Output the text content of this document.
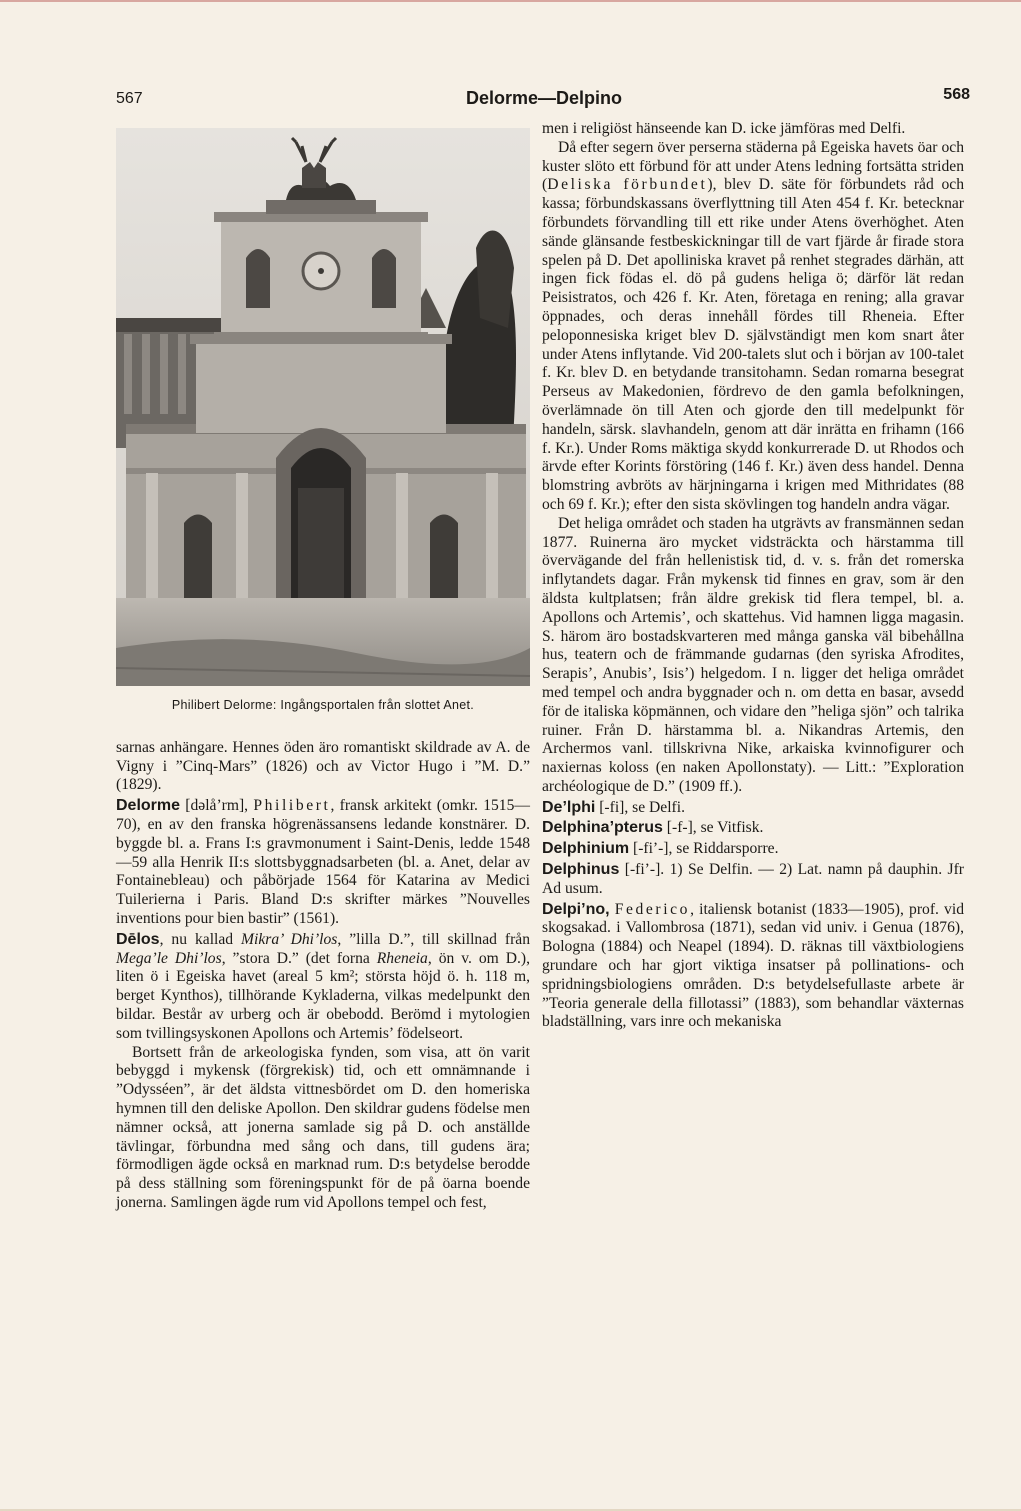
567	Delorme—Delpino	568
Philibert Delorme: Ingångsportalen från slottet Anet.

sarnas anhängare. Hennes öden äro romantiskt skildrade av A. de Vigny i ”Cinq-Mars” (1826) och av Victor Hugo i ”M. D.” (1829).

Delorme [dəlå’rm], Philibert, fransk arkitekt (omkr. 1515—70), en av den franska högrenässansens ledande konstnärer. D. byggde bl. a. Frans I:s gravmonument i Saint-Denis, ledde 1548—59 alla Henrik II:s slottsbyggnadsarbeten (bl. a. Anet, delar av Fontainebleau) och påbörjade 1564 för Katarina av Medici Tuilerierna i Paris. Bland D:s skrifter märkes ”Nouvelles inventions pour bien bastir” (1561).

Dēlos, nu kallad Mikra’ Dhi’los, ”lilla D.”, till skillnad från Mega’le Dhi’los, ”stora D.” (det forna Rheneia, ön v. om D.), liten ö i Egeiska havet (areal 5 km²; största höjd ö. h. 118 m, berget Kynthos), tillhörande Kykladerna, vilkas medelpunkt den bildar. Består av urberg och är obebodd. Berömd i mytologien som tvillingsyskonen Apollons och Artemis’ födelseort.

Bortsett från de arkeologiska fynden, som visa, att ön varit bebyggd i mykensk (förgrekisk) tid, och ett omnämnande i ”Odysséen”, är det äldsta vittnesbördet om D. den homeriska hymnen till den deliske Apollon. Den skildrar gudens födelse men nämner också, att jonerna samlade sig på D. och anställde tävlingar, förbundna med sång och dans, till gudens ära; förmodligen ägde också en marknad rum. D:s betydelse berodde på dess ställning som föreningspunkt för de på öarna boende jonerna. Samlingen ägde rum vid Apollons tempel och fest,

men i religiöst hänseende kan D. icke jämföras med Delfi.

Då efter segern över perserna städerna på Egeiska havets öar och kuster slöto ett förbund för att under Atens ledning fortsätta striden (Deliska förbundet), blev D. säte för förbundets råd och kassa; förbundskassans överflyttning till Aten 454 f. Kr. betecknar förbundets förvandling till ett rike under Atens överhöghet. Aten sände glänsande festbeskickningar till de vart fjärde år firade stora spelen på D. Det apolliniska kravet på renhet stegrades därhän, att ingen fick födas el. dö på gudens heliga ö; därför lät redan Peisistratos, och 426 f. Kr. Aten, företaga en rening; alla gravar öppnades, och deras innehåll fördes till Rheneia. Efter peloponnesiska kriget blev D. självständigt men kom snart åter under Atens inflytande. Vid 200-talets slut och i början av 100-talet f. Kr. blev D. en betydande transitohamn. Sedan romarna besegrat Perseus av Makedonien, fördrevo de den gamla befolkningen, överlämnade ön till Aten och gjorde den till medelpunkt för handeln, särsk. slavhandeln, genom att där inrätta en frihamn (166 f. Kr.). Under Roms mäktiga skydd konkurrerade D. ut Rhodos och ärvde efter Korints förstöring (146 f. Kr.) även dess handel. Denna blomstring avbröts av härjningarna i krigen med Mithridates (88 och 69 f. Kr.); efter den sista skövlingen tog handeln andra vägar.

Det heliga området och staden ha utgrävts av fransmännen sedan 1877. Ruinerna äro mycket vidsträckta och härstamma till övervägande del från hellenistisk tid, d. v. s. från det romerska inflytandets dagar. Från mykensk tid finnes en grav, som är den äldsta kultplatsen; från äldre grekisk tid flera tempel, bl. a. Apollons och Artemis’, och skattehus. Vid hamnen ligga magasin. S. härom äro bostadskvarteren med många ganska väl bibehållna hus, teatern och de främmande gudarnas (den syriska Afrodites, Serapis’, Anubis’, Isis’) helgedom. I n. ligger det heliga området med tempel och andra byggnader och n. om detta en basar, avsedd för de italiska köpmännen, och vidare den ”heliga sjön” och talrika ruiner. Från D. härstamma bl. a. Nikandras Artemis, den Archermos vanl. tillskrivna Nike, arkaiska kvinnofigurer och naxiernas koloss (en naken Apollonstaty). — Litt.: ”Exploration archéologique de D.” (1909 ff.).

De’lphi [-fi], se Delfi.

Delphina’pterus [-f-], se Vitfisk.

Delphinium [-fi’-], se Riddarsporre.

Delphinus [-fi’-]. 1) Se Delfin. — 2) Lat. namn på dauphin. Jfr Ad usum.

Delpi’no, Federico, italiensk botanist (1833—1905), prof. vid skogsakad. i Vallombrosa (1871), sedan vid univ. i Genua (1876), Bologna (1884) och Neapel (1894). D. räknas till växtbiologiens grundare och har gjort viktiga insatser på pollinations- och spridningsbiologiens områden. D:s betydelsefullaste arbete är ”Teoria generale della fillotassi” (1883), som behandlar växternas bladställning, vars inre och mekaniska
